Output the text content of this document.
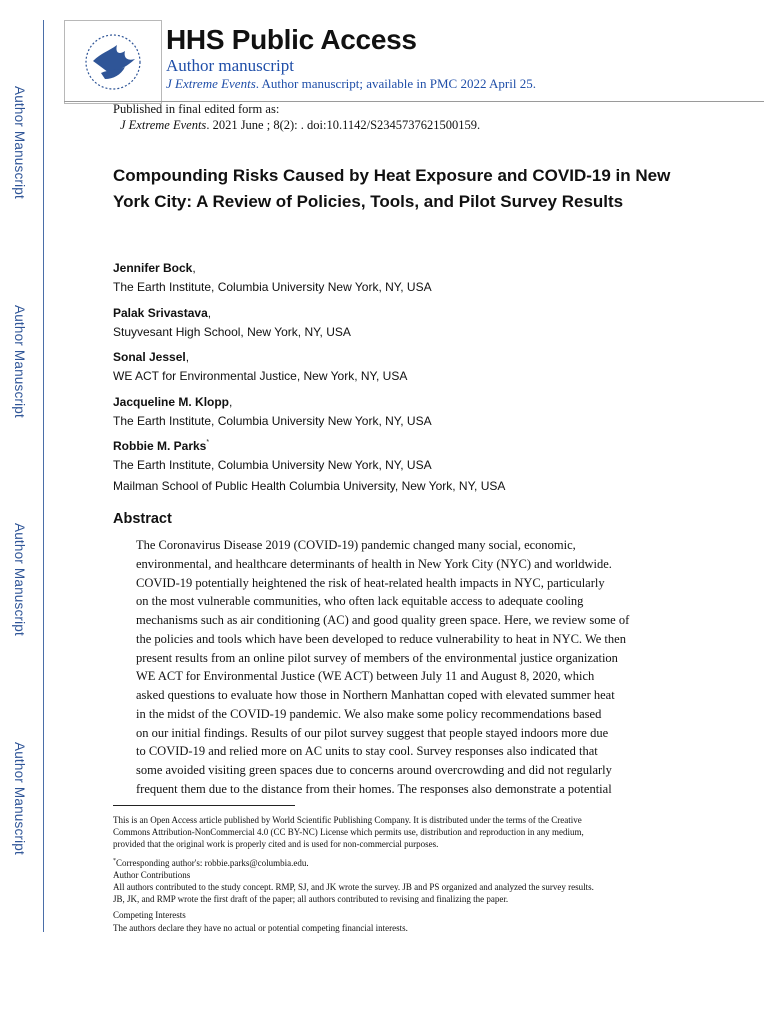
Author Manuscript
Author Manuscript
Author Manuscript
Author Manuscript
HHS Public Access
Author manuscript
J Extreme Events. Author manuscript; available in PMC 2022 April 25.
Published in final edited form as:
J Extreme Events. 2021 June ; 8(2): . doi:10.1142/S2345737621500159.
Compounding Risks Caused by Heat Exposure and COVID-19 in New York City: A Review of Policies, Tools, and Pilot Survey Results
Jennifer Bock,
The Earth Institute, Columbia University New York, NY, USA
Palak Srivastava,
Stuyvesant High School, New York, NY, USA
Sonal Jessel,
WE ACT for Environmental Justice, New York, NY, USA
Jacqueline M. Klopp,
The Earth Institute, Columbia University New York, NY, USA
Robbie M. Parks*
The Earth Institute, Columbia University New York, NY, USA
Mailman School of Public Health Columbia University, New York, NY, USA
Abstract
The Coronavirus Disease 2019 (COVID-19) pandemic changed many social, economic,
environmental, and healthcare determinants of health in New York City (NYC) and worldwide.
COVID-19 potentially heightened the risk of heat-related health impacts in NYC, particularly
on the most vulnerable communities, who often lack equitable access to adequate cooling
mechanisms such as air conditioning (AC) and good quality green space. Here, we review some of
the policies and tools which have been developed to reduce vulnerability to heat in NYC. We then
present results from an online pilot survey of members of the environmental justice organization
WE ACT for Environmental Justice (WE ACT) between July 11 and August 8, 2020, which
asked questions to evaluate how those in Northern Manhattan coped with elevated summer heat
in the midst of the COVID-19 pandemic. We also make some policy recommendations based
on our initial findings. Results of our pilot survey suggest that people stayed indoors more due
to COVID-19 and relied more on AC units to stay cool. Survey responses also indicated that
some avoided visiting green spaces due to concerns around overcrowding and did not regularly
frequent them due to the distance from their homes. The responses also demonstrate a potential
This is an Open Access article published by World Scientific Publishing Company. It is distributed under the terms of the Creative
Commons Attribution-NonCommercial 4.0 (CC BY-NC) License which permits use, distribution and reproduction in any medium,
provided that the original work is properly cited and is used for non-commercial purposes.
*Corresponding author's: robbie.parks@columbia.edu.
Author Contributions
All authors contributed to the study concept. RMP, SJ, and JK wrote the survey. JB and PS organized and analyzed the survey results.
JB, JK, and RMP wrote the first draft of the paper; all authors contributed to revising and finalizing the paper.
Competing Interests
The authors declare they have no actual or potential competing financial interests.
